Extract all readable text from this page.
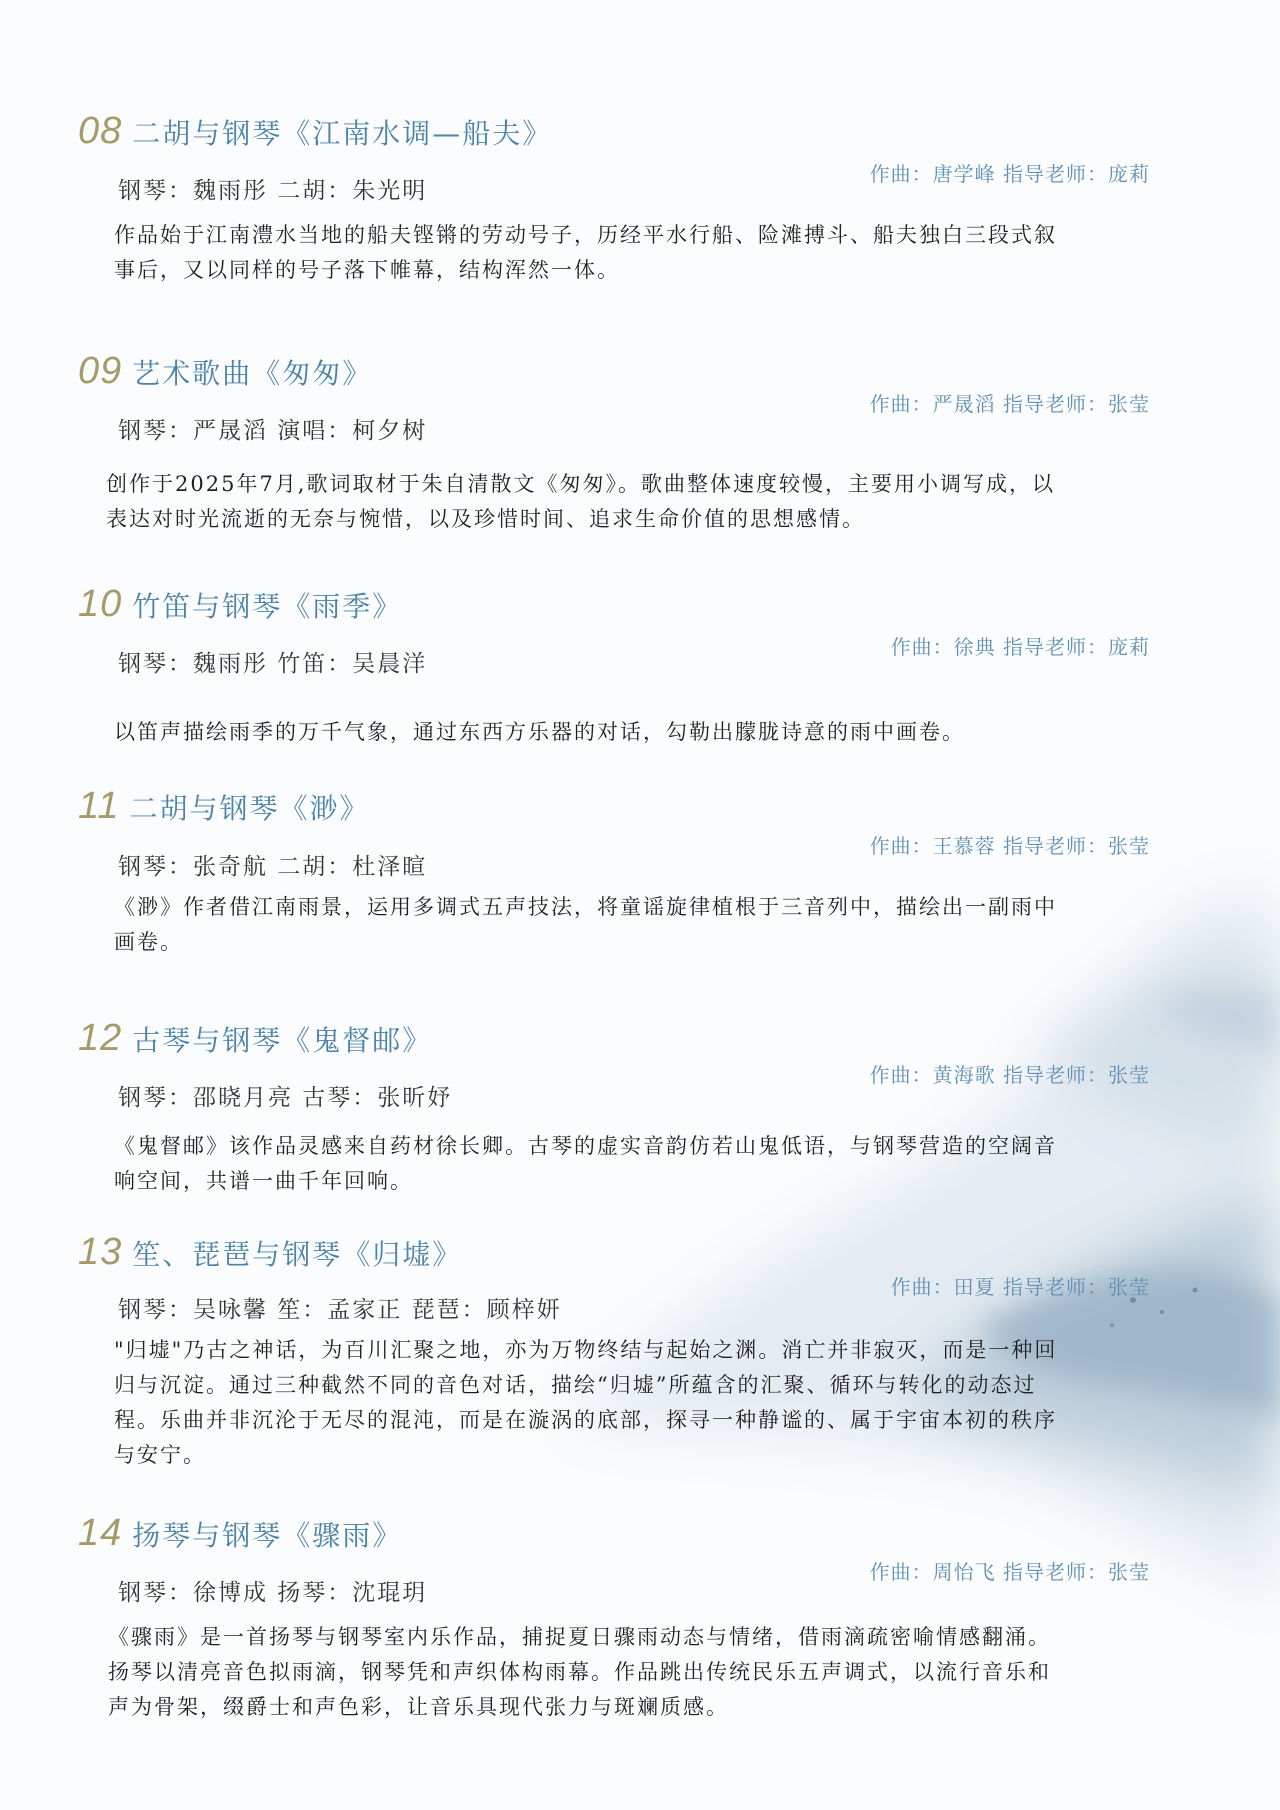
08 二胡与钢琴《江南水调—船夫》
作曲：唐学峰 指导老师：庞莉
钢琴：魏雨彤 二胡：朱光明
作品始于江南澧水当地的船夫铿锵的劳动号子，历经平水行船、险滩搏斗、船夫独白三段式叙事后，又以同样的号子落下帷幕，结构浑然一体。
09 艺术歌曲《匆匆》
作曲：严晟滔 指导老师：张莹
钢琴：严晟滔 演唱：柯夕树
创作于2025年7月,歌词取材于朱自清散文《匆匆》。歌曲整体速度较慢，主要用小调写成，以表达对时光流逝的无奈与惋惜，以及珍惜时间、追求生命价值的思想感情。
10 竹笛与钢琴《雨季》
作曲：徐典 指导老师：庞莉
钢琴：魏雨彤 竹笛：吴晨洋
以笛声描绘雨季的万千气象，通过东西方乐器的对话，勾勒出朦胧诗意的雨中画卷。
11 二胡与钢琴《渺》
作曲：王慕蓉 指导老师：张莹
钢琴：张奇航 二胡：杜泽暄
《渺》作者借江南雨景，运用多调式五声技法，将童谣旋律植根于三音列中，描绘出一副雨中画卷。
12 古琴与钢琴《鬼督邮》
作曲：黄海歌 指导老师：张莹
钢琴：邵晓月亮 古琴：张昕妤
《鬼督邮》该作品灵感来自药材徐长卿。古琴的虚实音韵仿若山鬼低语，与钢琴营造的空阔音响空间，共谱一曲千年回响。
13 笙、琵琶与钢琴《归墟》
作曲：田夏 指导老师：张莹
钢琴：吴咏馨 笙：孟家正 琵琶：顾梓妍
"归墟"乃古之神话，为百川汇聚之地，亦为万物终结与起始之渊。消亡并非寂灭，而是一种回归与沉淀。通过三种截然不同的音色对话，描绘“归墟”所蕴含的汇聚、循环与转化的动态过程。乐曲并非沉沦于无尽的混沌，而是在漩涡的底部，探寻一种静谧的、属于宇宙本初的秩序与安宁。
14 扬琴与钢琴《骤雨》
作曲：周怡飞 指导老师：张莹
钢琴：徐博成 扬琴：沈琨玥
《骤雨》是一首扬琴与钢琴室内乐作品，捕捉夏日骤雨动态与情绪，借雨滴疏密喻情感翻涌。扬琴以清亮音色拟雨滴，钢琴凭和声织体构雨幕。作品跳出传统民乐五声调式，以流行音乐和声为骨架，缀爵士和声色彩，让音乐具现代张力与斑斓质感。
